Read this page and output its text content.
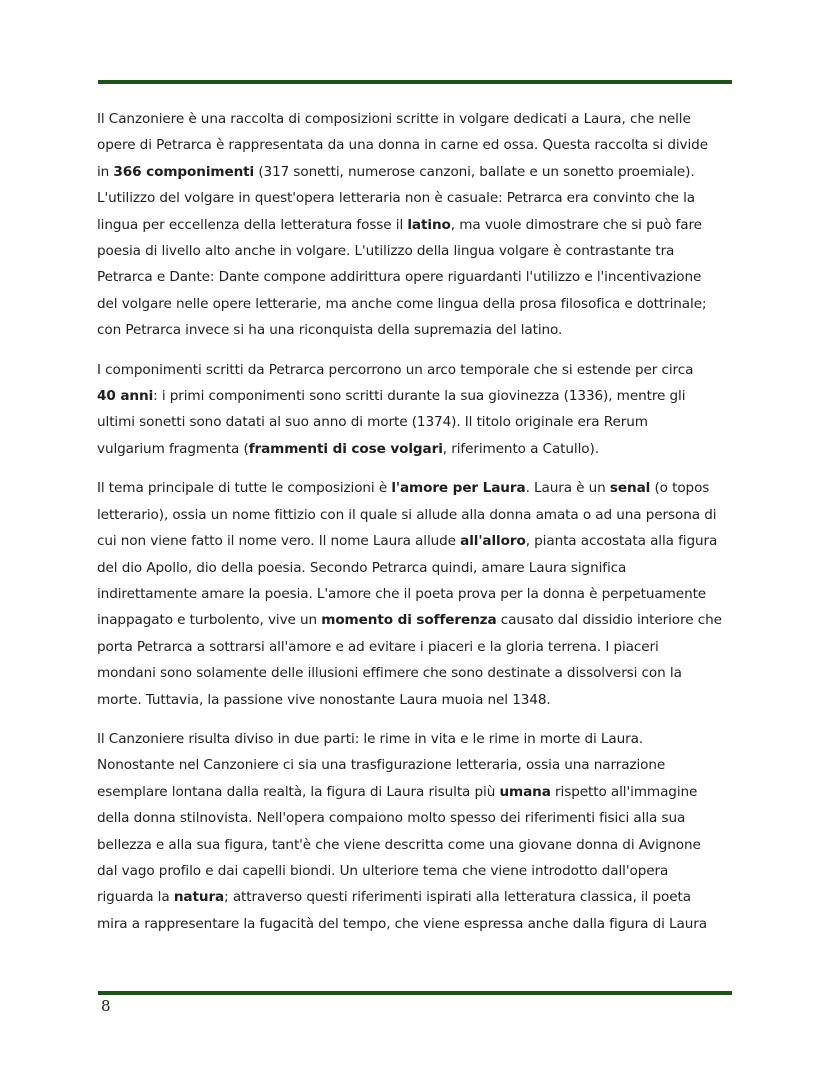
Il Canzoniere è una raccolta di composizioni scritte in volgare dedicati a Laura, che nelle
opere di Petrarca è rappresentata da una donna in carne ed ossa. Questa raccolta si divide
in 366 componimenti (317 sonetti, numerose canzoni, ballate e un sonetto proemiale).
L'utilizzo del volgare in quest'opera letteraria non è casuale: Petrarca era convinto che la
lingua per eccellenza della letteratura fosse il latino, ma vuole dimostrare che si può fare
poesia di livello alto anche in volgare. L'utilizzo della lingua volgare è contrastante tra
Petrarca e Dante: Dante compone addirittura opere riguardanti l'utilizzo e l'incentivazione
del volgare nelle opere letterarie, ma anche come lingua della prosa filosofica e dottrinale;
con Petrarca invece si ha una riconquista della supremazia del latino.

I componimenti scritti da Petrarca percorrono un arco temporale che si estende per circa
40 anni: i primi componimenti sono scritti durante la sua giovinezza (1336), mentre gli
ultimi sonetti sono datati al suo anno di morte (1374). Il titolo originale era Rerum
vulgarium fragmenta (frammenti di cose volgari, riferimento a Catullo).

Il tema principale di tutte le composizioni è l'amore per Laura. Laura è un senal (o topos
letterario), ossia un nome fittizio con il quale si allude alla donna amata o ad una persona di
cui non viene fatto il nome vero. Il nome Laura allude all'alloro, pianta accostata alla figura
del dio Apollo, dio della poesia. Secondo Petrarca quindi, amare Laura significa
indirettamente amare la poesia. L'amore che il poeta prova per la donna è perpetuamente
inappagato e turbolento, vive un momento di sofferenza causato dal dissidio interiore che
porta Petrarca a sottrarsi all'amore e ad evitare i piaceri e la gloria terrena. I piaceri
mondani sono solamente delle illusioni effimere che sono destinate a dissolversi con la
morte. Tuttavia, la passione vive nonostante Laura muoia nel 1348.

Il Canzoniere risulta diviso in due parti: le rime in vita e le rime in morte di Laura.
Nonostante nel Canzoniere ci sia una trasfigurazione letteraria, ossia una narrazione
esemplare lontana dalla realtà, la figura di Laura risulta più umana rispetto all'immagine
della donna stilnovista. Nell'opera compaiono molto spesso dei riferimenti fisici alla sua
bellezza e alla sua figura, tant'è che viene descritta come una giovane donna di Avignone
dal vago profilo e dai capelli biondi. Un ulteriore tema che viene introdotto dall'opera
riguarda la natura; attraverso questi riferimenti ispirati alla letteratura classica, il poeta
mira a rappresentare la fugacità del tempo, che viene espressa anche dalla figura di Laura

8
